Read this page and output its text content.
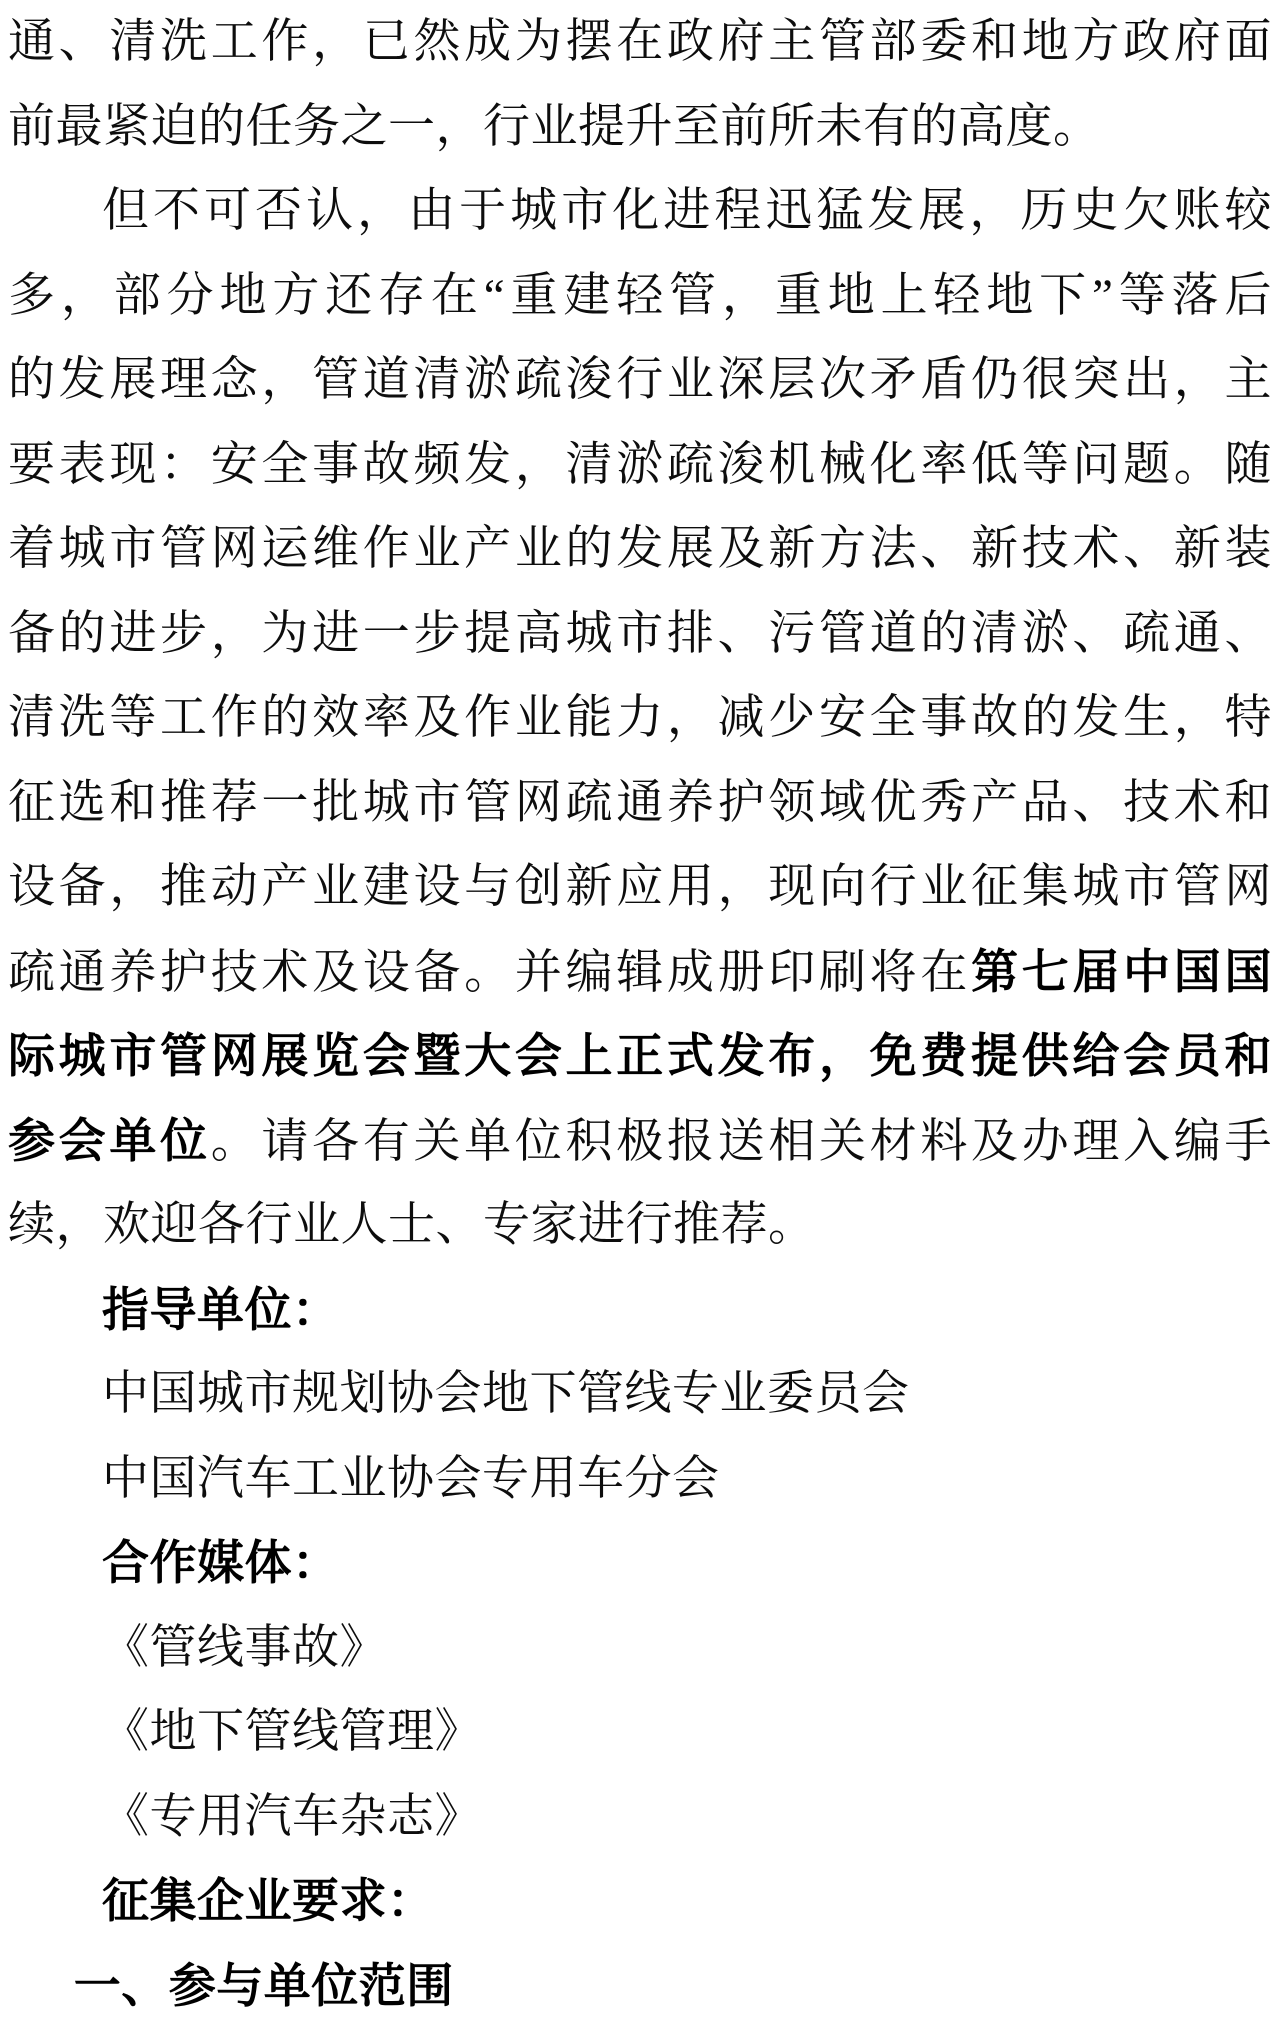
通、清洗工作，已然成为摆在政府主管部委和地方政府面
前最紧迫的任务之一，行业提升至前所未有的高度。
但不可否认，由于城市化进程迅猛发展，历史欠账较
多，部分地方还存在“重建轻管，重地上轻地下”等落后
的发展理念，管道清淤疏浚行业深层次矛盾仍很突出，主
要表现：安全事故频发，清淤疏浚机械化率低等问题。随
着城市管网运维作业产业的发展及新方法、新技术、新装
备的进步，为进一步提高城市排、污管道的清淤、疏通、
清洗等工作的效率及作业能力，减少安全事故的发生，特
征选和推荐一批城市管网疏通养护领域优秀产品、技术和
设备，推动产业建设与创新应用，现向行业征集城市管网
疏通养护技术及设备。并编辑成册印刷将在第七届中国国
际城市管网展览会暨大会上正式发布，免费提供给会员和
参会单位。请各有关单位积极报送相关材料及办理入编手
续，欢迎各行业人士、专家进行推荐。
指导单位：
中国城市规划协会地下管线专业委员会
中国汽车工业协会专用车分会
合作媒体：
《管线事故》
《地下管线管理》
《专用汽车杂志》
征集企业要求：
一、参与单位范围
